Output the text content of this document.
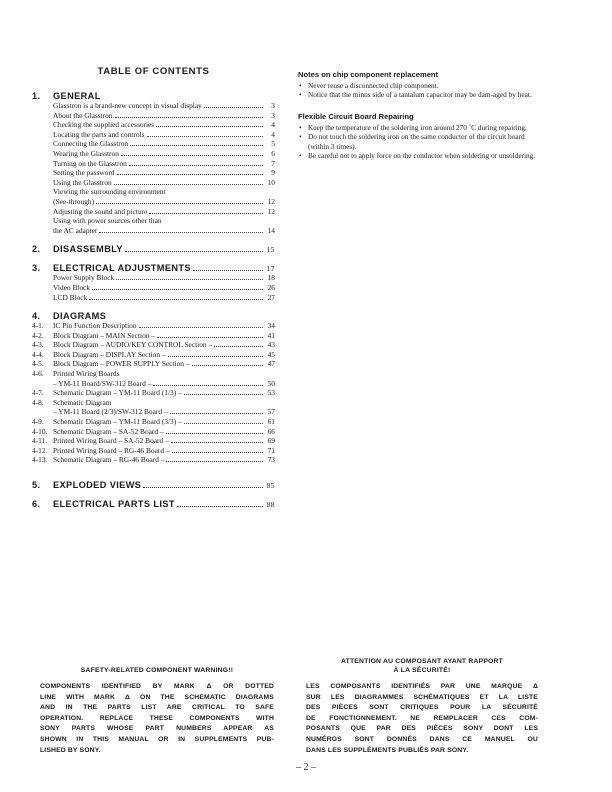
TABLE OF CONTENTS
1.	GENERAL
Glasstron is a brand-new concept in visual display	3
About the Glasstron	3
Checking the supplied accessories	4
Locating the parts and controls	4
Connecting the Glasstron	5
Wearing the Glasstron	6
Turning on the Glasstron	7
Setting the password	9
Using the Glasstron	10
Viewing the surrounding environment
(See-through)	12
Adjusting the sound and picture	12
Using with power sources other than
the AC adapter	14
2.	DISASSEMBLY	15
3.	ELECTRICAL ADJUSTMENTS	17
Power Supply Block	18
Video Block	26
LCD Block	27
4.	DIAGRAMS
4-1.	IC Pin Function Description	34
4-2.	Block Diagram – MAIN Section –	41
4-3.	Block Diagram – AUDIO/KEY CONTROL Section –	43
4-4.	Block Diagram – DISPLAY Section –	45
4-5.	Block Diagram – POWER SUPPLY Section –	47
4-6.	Printed Wiring Boards
– YM-11 Board/SW-312 Board –	50
4-7.	Schematic Diagram – YM-11 Board (1/3) –	53
4-8.	Schematic Diagram
– YM-11 Board (2/3)/SW-312 Board –	57
4-9.	Schematic Diagram – YM-11 Board (3/3) –	61
4-10. Schematic Diagram – SA-52 Board –	66
4-11. Printed Wiring Board – SA-52 Board –	69
4-12. Printed Wiring Board – RG-46 Board –	71
4-13. Schematic Diagram – RG-46 Board –	73
5.	EXPLODED VIEWS	85
6.	ELECTRICAL PARTS LIST	88
Notes on chip component replacement
• Never reuse a disconnected chip component.
• Notice that the minus side of a tantalum capacitor may be dam-aged by heat.
Flexible Circuit Board Repairing
• Keep the temperature of the soldering iron around 270 ˚C during repairing.
• Do not touch the soldering iron on the same conductor of the circuit board (within 3 times).
• Be careful not to apply force on the conductor when soldering or unsoldering.
SAFETY-RELATED COMPONENT WARNING!!
COMPONENTS IDENTIFIED BY MARK Δ OR DOTTED
LINE WITH MARK Δ ON THE SCHEMATIC DIAGRAMS
AND IN THE PARTS LIST ARE CRITICAL TO SAFE
OPERATION. REPLACE THESE COMPONENTS WITH
SONY PARTS WHOSE PART NUMBERS APPEAR AS
SHOWN IN THIS MANUAL OR IN SUPPLEMENTS PUB-
LISHED BY SONY.
ATTENTION AU COMPOSANT AYANT RAPPORT
À LA SÉCURITÉ!
LES COMPOSANTS IDENTIFIÉS PAR UNE MARQUE Δ
SUR LES DIAGRAMMES SCHÉMATIQUES ET LA LISTE
DES PIÈCES SONT CRITIQUES POUR LA SÉCURITÉ
DE FONCTIONNEMENT. NE REMPLACER CES COM-
POSANTS QUE PAR DES PIÈCES SONY DONT LES
NUMÉROS SONT DONNÉS DANS CE MANUEL OU
DANS LES SUPPLÉMENTS PUBLIÉS PAR SONY.
– 2 –
